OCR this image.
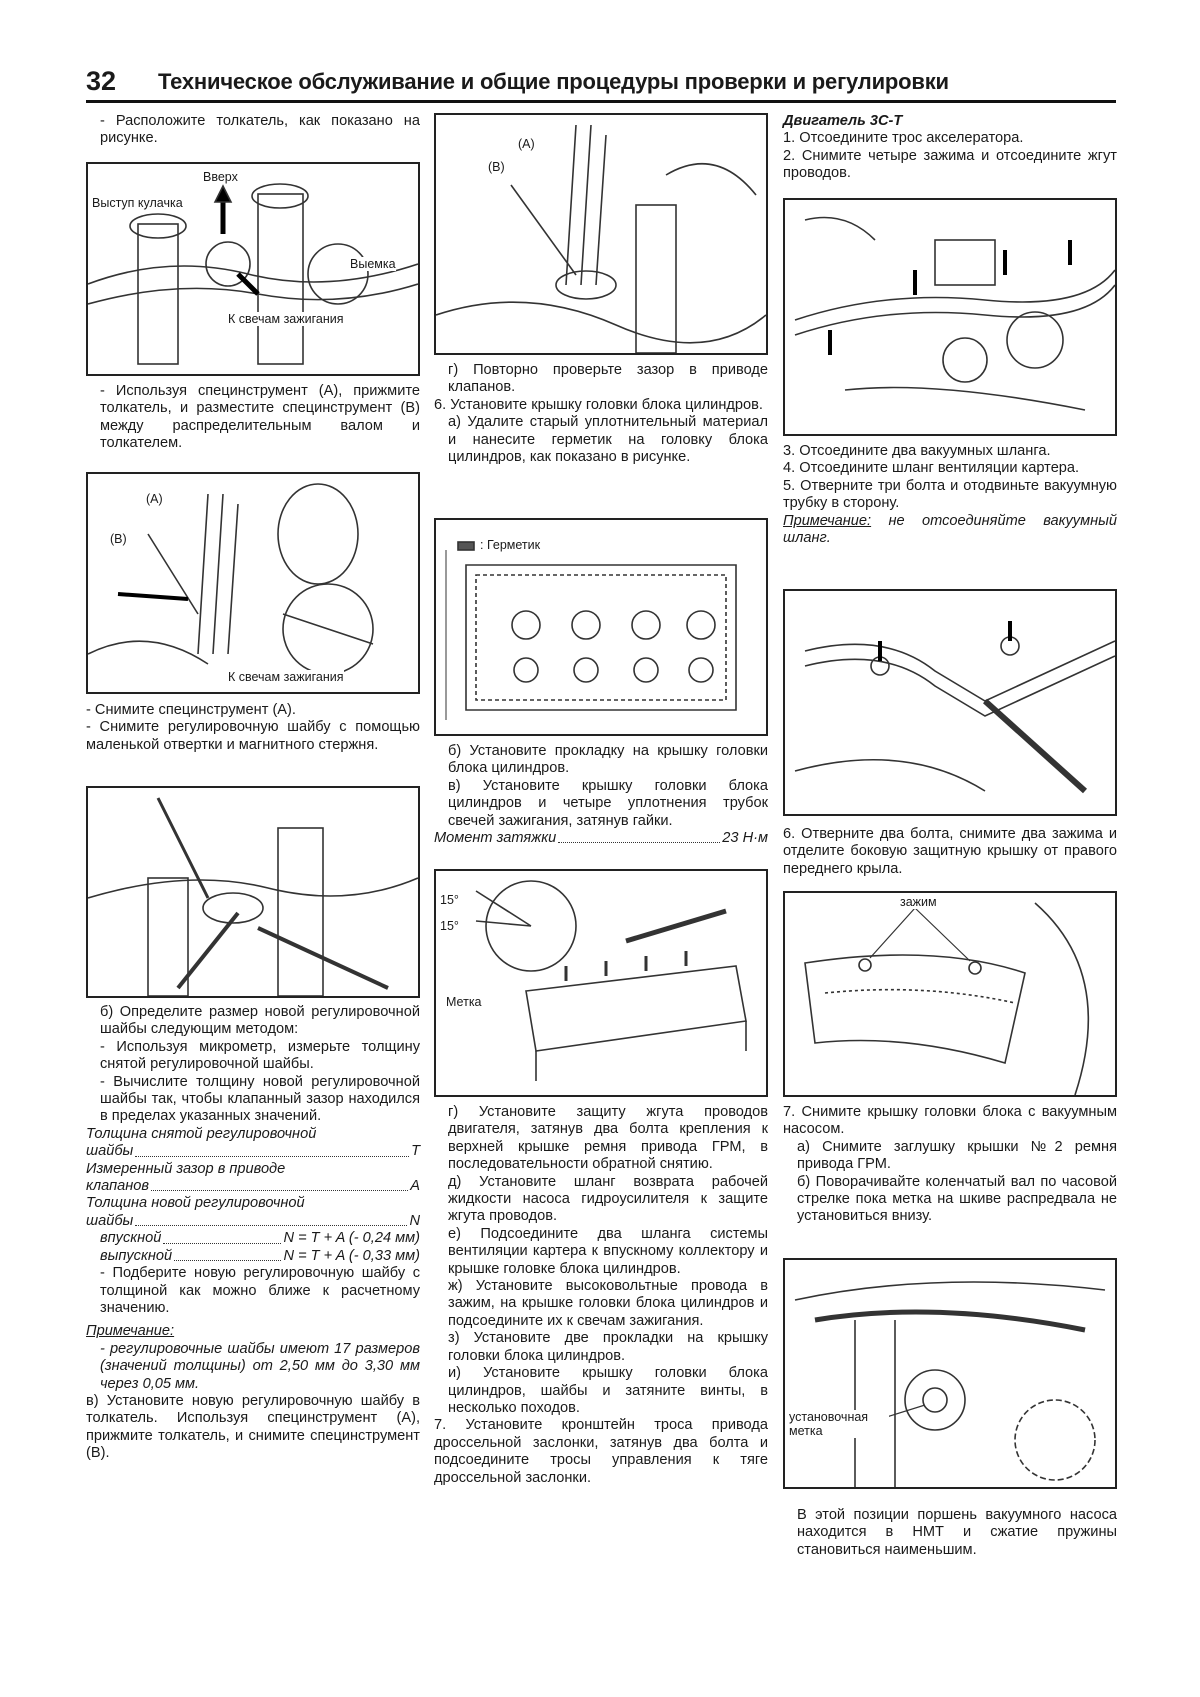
32 Техническое обслуживание и общие процедуры проверки и регулировки

- Расположите толкатель, как показано на рисунке.

Вверх
Выступ кулачка
Выемка
К свечам зажигания

- Используя специнструмент (А), прижмите толкатель, и разместите специнструмент (В) между распределительным валом и толкателем.

(А)
(В)
К свечам зажигания

- Снимите специнструмент (А).

- Снимите регулировочную шайбу с помощью маленькой отвертки и магнитного стержня.

б) Определите размер новой регулировочной шайбы следующим методом:

- Используя микрометр, измерьте толщину снятой регулировочной шайбы.

- Вычислите толщину новой регулировочной шайбы так, чтобы клапанный зазор находился в пределах указанных значений.

Толщина снятой регулировочной

шайбы	T

Измеренный зазор в приводе

клапанов	A

Толщина новой регулировочной

шайбы	N
впускной	N = T + A (- 0,24 мм)
выпускной	N = T + A (- 0,33 мм)

- Подберите новую регулировочную шайбу с толщиной как можно ближе к расчетному значению.

Примечание:

- регулировочные шайбы имеют 17 размеров (значений толщины) от 2,50 мм до 3,30 мм через 0,05 мм.

в) Установите новую регулировочную шайбу в толкатель. Используя специнструмент (А), прижмите толкатель, и снимите специнструмент (В).

(А)
(В)

г) Повторно проверьте зазор в приводе клапанов.

6. Установите крышку головки блока цилиндров.

а) Удалите старый уплотнительный материал и нанесите герметик на головку блока цилиндров, как показано в рисунке.

: Герметик

б) Установите прокладку на крышку головки блока цилиндров.

в) Установите крышку головки блока цилиндров и четыре уплотнения трубок свечей зажигания, затянув гайки.

Момент затяжки	23 Н·м
15°
15°
Метка

г) Установите защиту жгута проводов двигателя, затянув два болта крепления к верхней крышке ремня привода ГРМ, в последовательности обратной снятию.

д) Установите шланг возврата рабочей жидкости насоса гидроусилителя к защите жгута проводов.

е) Подсоедините два шланга системы вентиляции картера к впускному коллектору и крышке головке блока цилиндров.

ж) Установите высоковольтные провода в зажим, на крышке головки блока цилиндров и подсоедините их к свечам зажигания.

з) Установите две прокладки на крышку головки блока цилиндров.

и) Установите крышку головки блока цилиндров, шайбы и затяните винты, в несколько походов.

7. Установите кронштейн троса привода дроссельной заслонки, затянув два болта и подсоедините тросы управления к тяге дроссельной заслонки.

Двигатель 3C-T

1. Отсоедините трос акселератора.

2. Снимите четыре зажима и отсоедините жгут проводов.

3. Отсоедините два вакуумных шланга.

4. Отсоедините шланг вентиляции картера.

5. Отверните три болта и отодвиньте вакуумную трубку в сторону.

Примечание: не отсоединяйте вакуумный шланг.

6. Отверните два болта, снимите два зажима и отделите боковую защитную крышку от правого переднего крыла.

зажим

7. Снимите крышку головки блока с вакуумным насосом.

а) Снимите заглушку крышки №2 ремня привода ГРМ.

б) Поворачивайте коленчатый вал по часовой стрелке пока метка на шкиве распредвала не установиться внизу.

установочная метка

В этой позиции поршень вакуумного насоса находится в НМТ и сжатие пружины становиться наименьшим.
